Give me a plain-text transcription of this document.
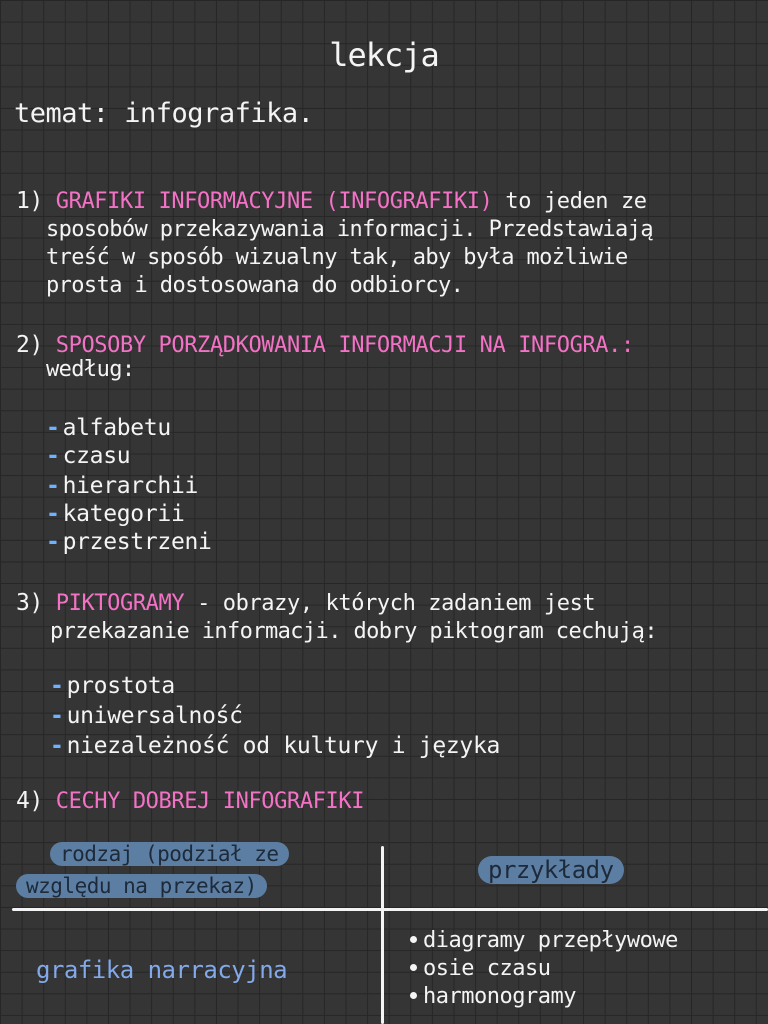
lekcja
temat: infografika.
1) GRAFIKI INFORMACYJNE (INFOGRAFIKI) to jeden ze
sposobów przekazywania informacji. Przedstawiają
treść w sposób wizualny tak, aby była możliwie
prosta i dostosowana do odbiorcy.
2) SPOSOBY PORZĄDKOWANIA INFORMACJI NA INFOGRA.:
według:
- alfabetu
- czasu
- hierarchii
- kategorii
- przestrzeni
3) PIKTOGRAMY - obrazy, których zadaniem jest
przekazanie informacji. dobry piktogram cechują:
- prostota
- uniwersalność
- niezależność od kultury i języka
4) CECHY DOBREJ INFOGRAFIKI
rodzaj (podział ze
względu na przekaz)
przykłady
grafika narracyjna
diagramy przepływowe
osie czasu
harmonogramy
